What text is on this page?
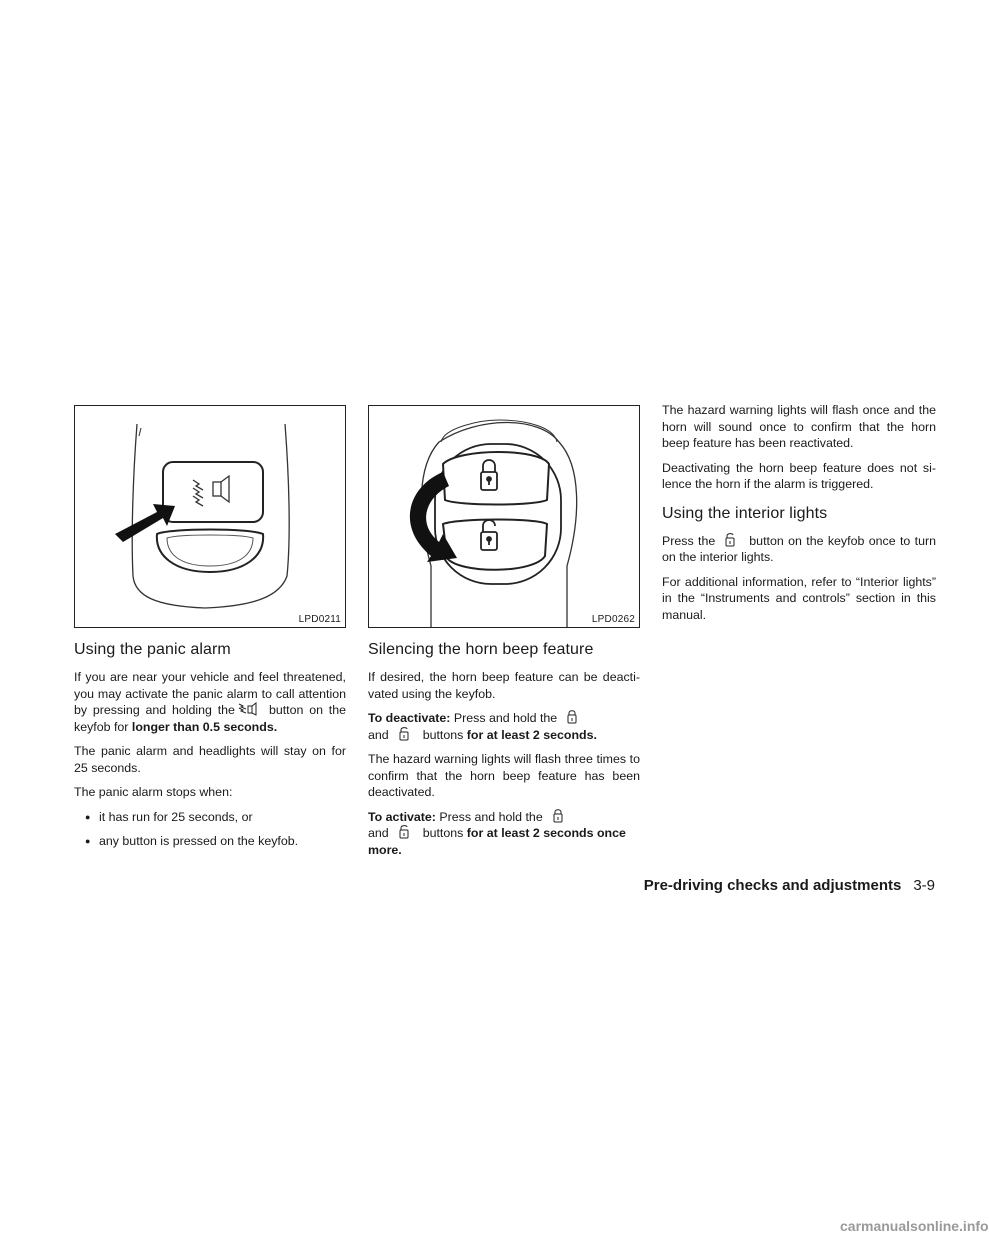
LPD0211
Using the panic alarm

If you are near your vehicle and feel threatened, you may activate the panic alarm to call attention by pressing and holding the	button on the keyfob for longer than 0.5 seconds.

The panic alarm and headlights will stay on for 25 seconds.

The panic alarm stops when:

● it has run for 25 seconds, or
● any button is pressed on the keyfob.
LPD0262
Silencing the horn beep feature

If desired, the horn beep feature can be deacti-vated using the keyfob.

To deactivate: Press and hold the

and	buttons for at least 2 seconds.

The hazard warning lights will flash three times to confirm that the horn beep feature has been deactivated.

To activate: Press and hold the

and	buttons for at least 2 seconds once more.

The hazard warning lights will flash once and the horn will sound once to confirm that the horn beep feature has been reactivated.

Deactivating the horn beep feature does not si-lence the horn if the alarm is triggered.

Using the interior lights

Press the	button on the keyfob once to turn on the interior lights.

For additional information, refer to “Interior lights” in the “Instruments and controls” section in this manual.

Pre-driving checks and adjustments 3-9
carmanualsonline.info
